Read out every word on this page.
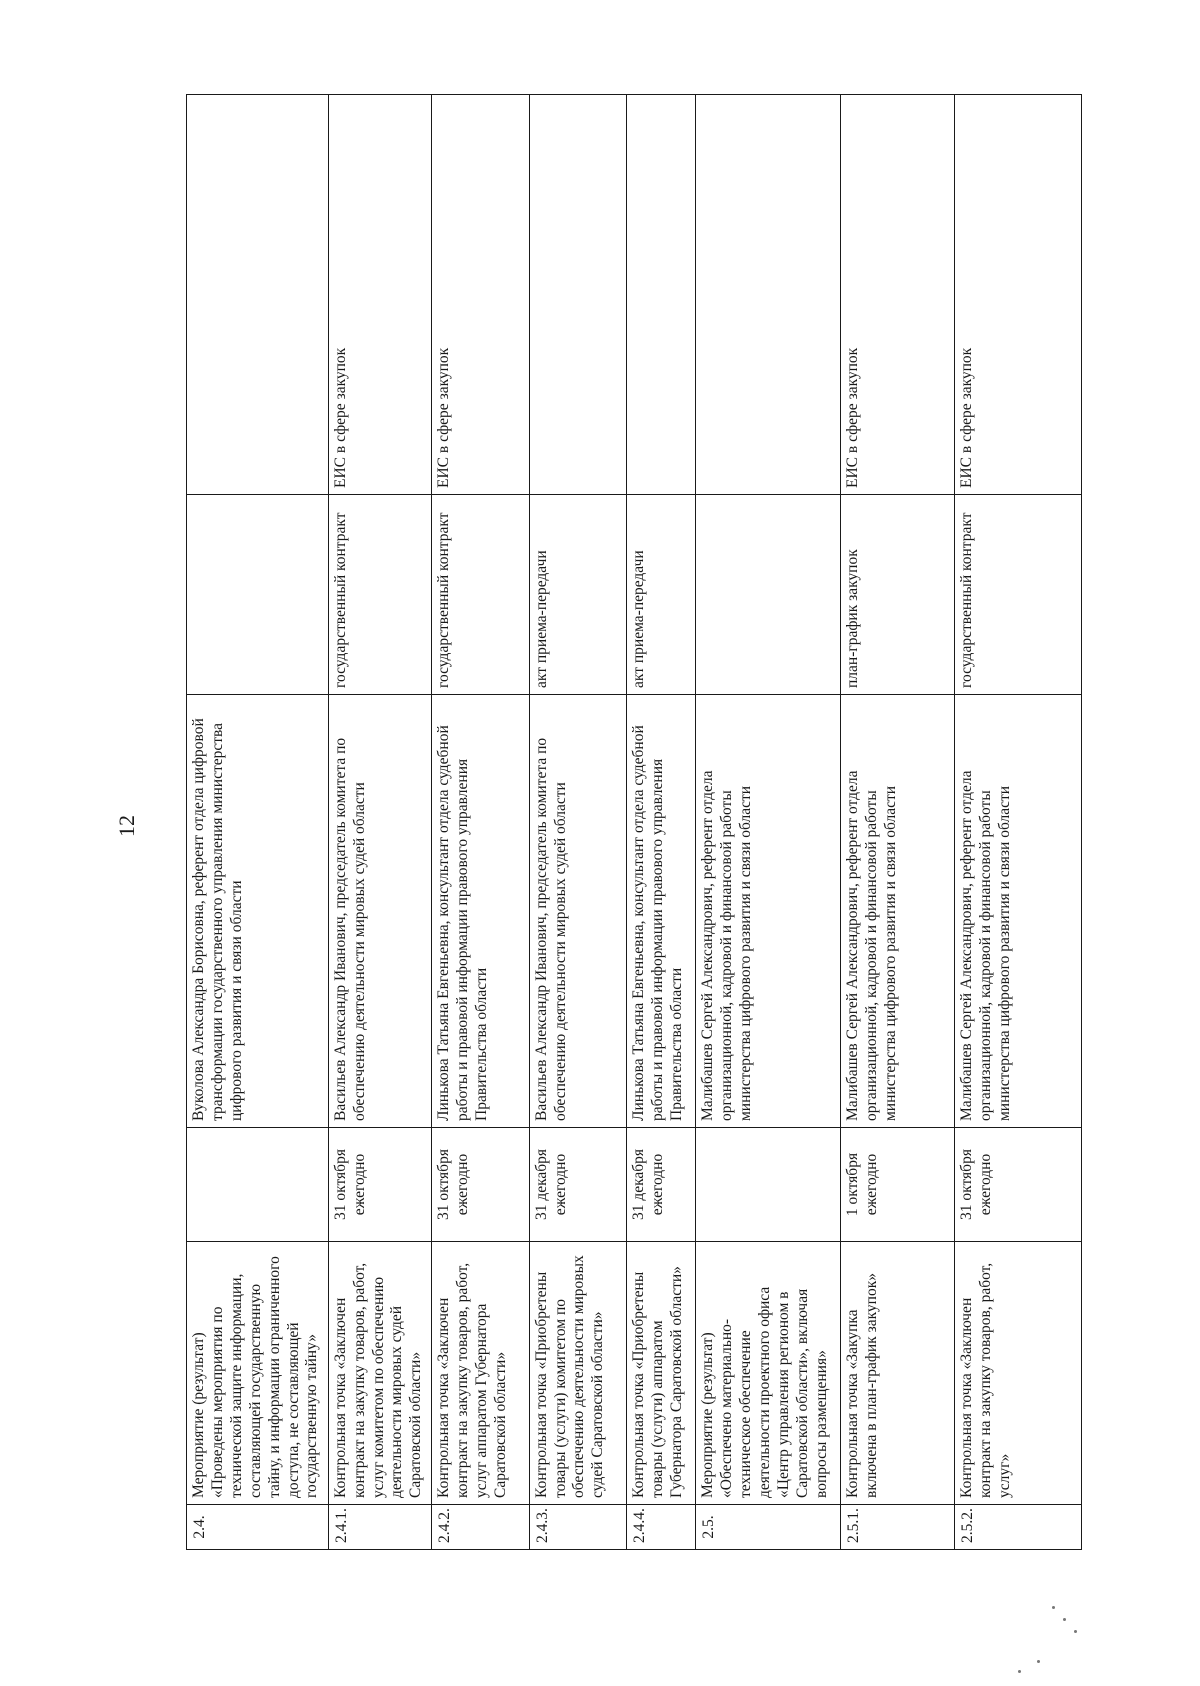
12
2.4.	Мероприятие (результат) «Проведены мероприятия по технической защите информации, составляющей государственную тайну, и информации ограниченного доступа, не составляющей государственную тайну»		Вуколова Александра Борисовна, референт отдела цифровой трансформации государственного управления министерства цифрового развития и связи области		
2.4.1.	Контрольная точка «Заключен контракт на закупку товаров, работ, услуг комитетом по обеспечению деятельности мировых судей Саратовской области»	31 октября ежегодно	Васильев Александр Иванович, председатель комитета по обеспечению деятельности мировых судей области	государственный контракт	ЕИС в сфере закупок
2.4.2.	Контрольная точка «Заключен контракт на закупку товаров, работ, услуг аппаратом Губернатора Саратовской области»	31 октября ежегодно	Линькова Татьяна Евгеньевна, консультант отдела судебной работы и правовой информации правового управления Правительства области	государственный контракт	ЕИС в сфере закупок
2.4.3.	Контрольная точка «Приобретены товары (услуги) комитетом по обеспечению деятельности мировых судей Саратовской области»	31 декабря ежегодно	Васильев Александр Иванович, председатель комитета по обеспечению деятельности мировых судей области	акт приема-передачи	
2.4.4.	Контрольная точка «Приобретены товары (услуги) аппаратом Губернатора Саратовской области»	31 декабря ежегодно	Линькова Татьяна Евгеньевна, консультант отдела судебной работы и правовой информации правового управления Правительства области	акт приема-передачи	
2.5.	Мероприятие (результат) «Обеспечено материально-техническое обеспечение деятельности проектного офиса «Центр управления регионом в Саратовской области», включая вопросы размещения»		Малибашев Сергей Александрович, референт отдела организационной, кадровой и финансовой работы министерства цифрового развития и связи области		
2.5.1.	Контрольная точка «Закупка включена в план-график закупок»	1 октября ежегодно	Малибашев Сергей Александрович, референт отдела организационной, кадровой и финансовой работы министерства цифрового развития и связи области	план-график закупок	ЕИС в сфере закупок
2.5.2.	Контрольная точка «Заключен контракт на закупку товаров, работ, услуг»	31 октября ежегодно	Малибашев Сергей Александрович, референт отдела организационной, кадровой и финансовой работы министерства цифрового развития и связи области	государственный контракт	ЕИС в сфере закупок
